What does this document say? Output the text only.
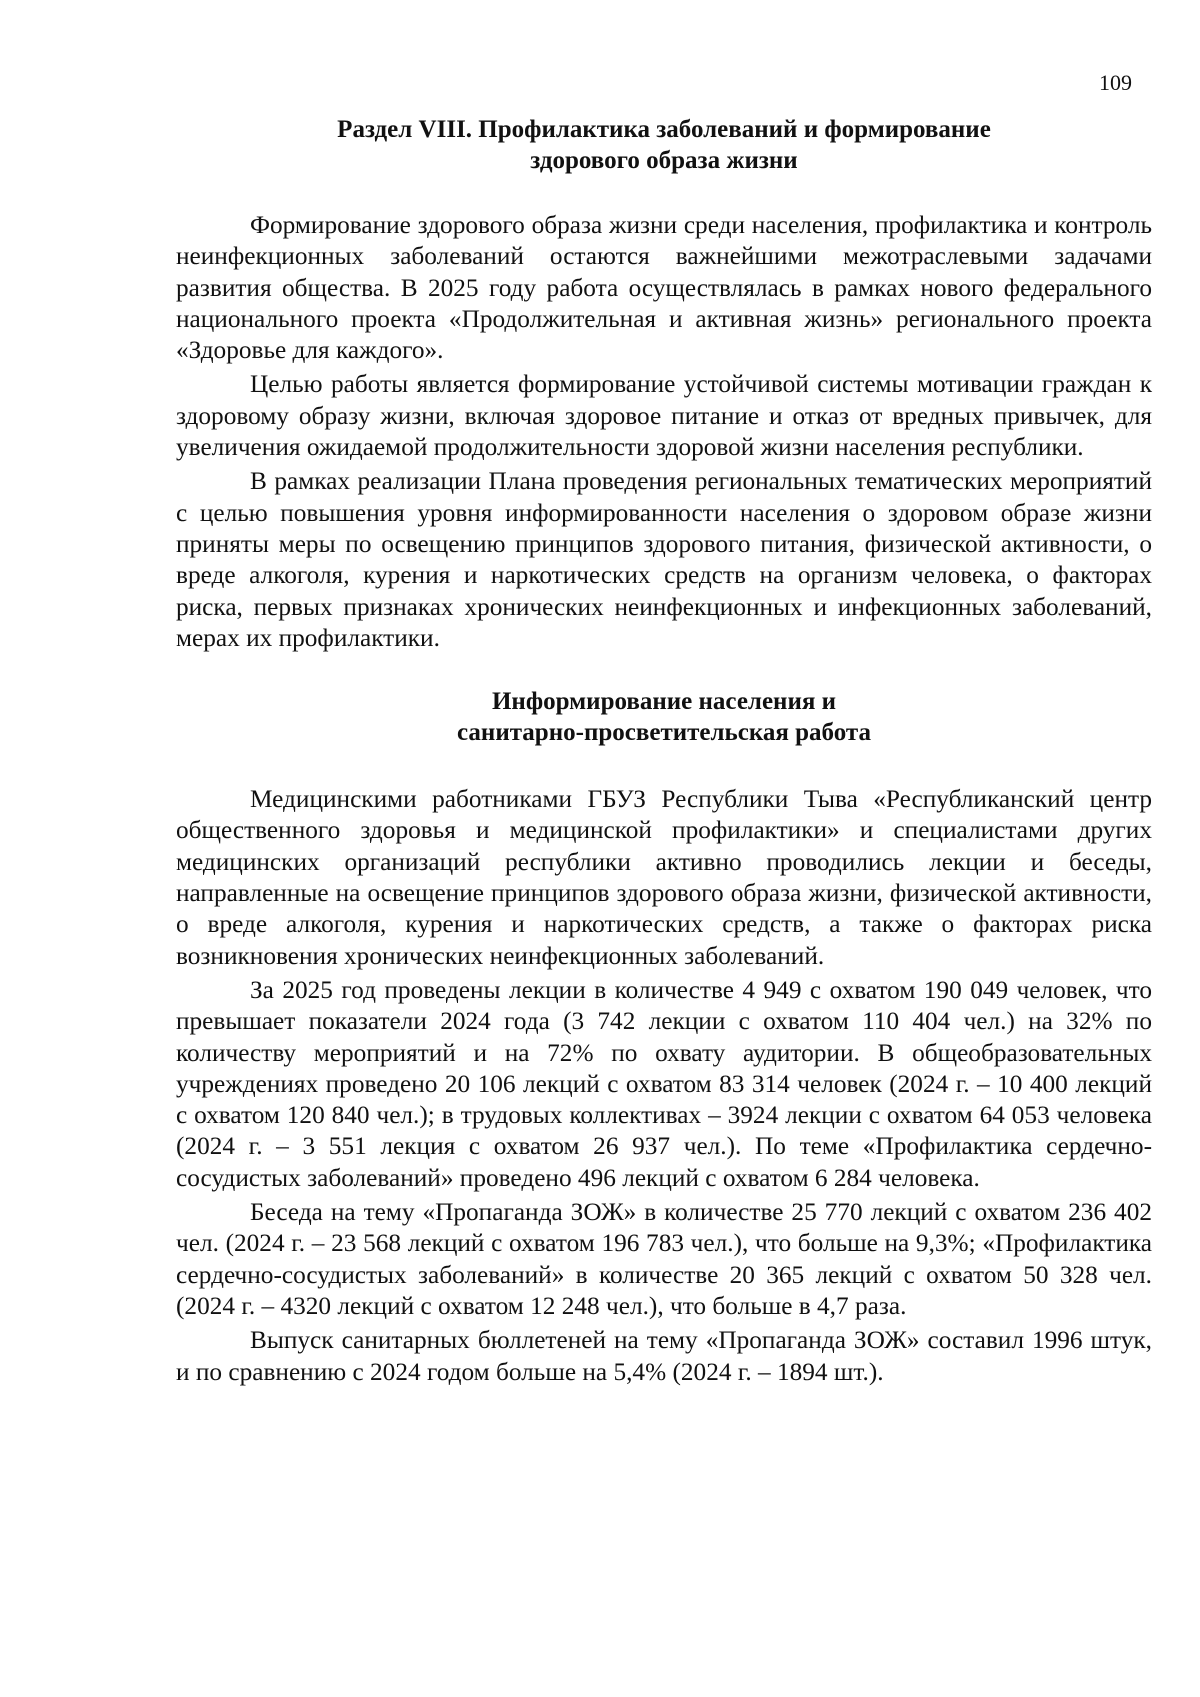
109
Раздел VIII. Профилактика заболеваний и формирование
здорового образа жизни

Формирование здорового образа жизни среди населения, профилактика и контроль неинфекционных заболеваний остаются важнейшими межотраслевыми задачами развития общества. В 2025 году работа осуществлялась в рамках нового федерального национального проекта «Продолжительная и активная жизнь» регионального проекта «Здоровье для каждого».

Целью работы является формирование устойчивой системы мотивации граждан к здоровому образу жизни, включая здоровое питание и отказ от вредных привычек, для увеличения ожидаемой продолжительности здоровой жизни населения республики.

В рамках реализации Плана проведения региональных тематических мероприятий с целью повышения уровня информированности населения о здоровом образе жизни приняты меры по освещению принципов здорового питания, физической активности, о вреде алкоголя, курения и наркотических средств на организм человека, о факторах риска, первых признаках хронических неинфекционных и инфекционных заболеваний, мерах их профилактики.

Информирование населения и
санитарно-просветительская работа

Медицинскими работниками ГБУЗ Республики Тыва «Республиканский центр общественного здоровья и медицинской профилактики» и специалистами других медицинских организаций республики активно проводились лекции и беседы, направленные на освещение принципов здорового образа жизни, физической активности, о вреде алкоголя, курения и наркотических средств, а также о факторах риска возникновения хронических неинфекционных заболеваний.

За 2025 год проведены лекции в количестве 4 949 с охватом 190 049 человек, что превышает показатели 2024 года (3 742 лекции с охватом 110 404 чел.) на 32% по количеству мероприятий и на 72% по охвату аудитории. В общеобразовательных учреждениях проведено 20 106 лекций с охватом 83 314 человек (2024 г. – 10 400 лекций с охватом 120 840 чел.); в трудовых коллективах – 3924 лекции с охватом 64 053 человека (2024 г. – 3 551 лекция с охватом 26 937 чел.). По теме «Профилактика сердечно-сосудистых заболеваний» проведено 496 лекций с охватом 6 284 человека.

Беседа на тему «Пропаганда ЗОЖ» в количестве 25 770 лекций с охватом 236 402 чел. (2024 г. – 23 568 лекций с охватом 196 783 чел.), что больше на 9,3%; «Профилактика сердечно-сосудистых заболеваний» в количестве 20 365 лекций с охватом 50 328 чел. (2024 г. – 4320 лекций с охватом 12 248 чел.), что больше в 4,7 раза.

Выпуск санитарных бюллетеней на тему «Пропаганда ЗОЖ» составил 1996 штук, и по сравнению с 2024 годом больше на 5,4% (2024 г. – 1894 шт.).
